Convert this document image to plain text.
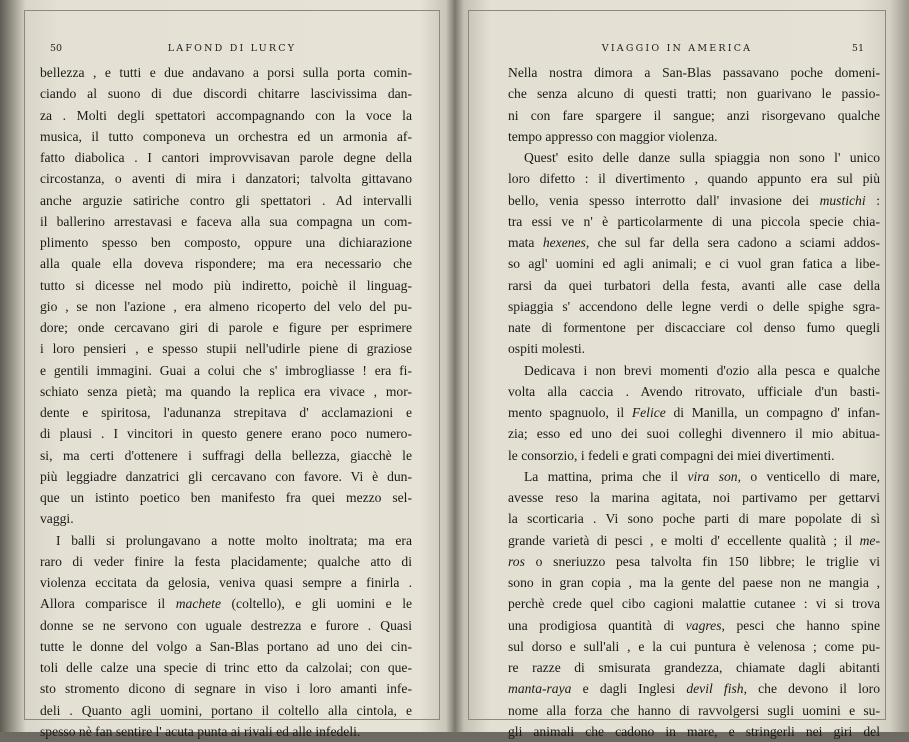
50	LAFOND DI LURCY
bellezza , e tutti e due andavano a porsi sulla porta comin-
ciando al suono di due discordi chitarre lascivissima dan-
za . Molti degli spettatori accompagnando con la voce la
musica, il tutto componeva un orchestra ed un armonia af-
fatto diabolica . I cantori improvvisavan parole degne della
circostanza, o aventi di mira i danzatori; talvolta gittavano
anche arguzie satiriche contro gli spettatori . Ad intervalli
il ballerino arrestavasi e faceva alla sua compagna un com-
plimento spesso ben composto, oppure una dichiarazione
alla quale ella doveva rispondere; ma era necessario che
tutto si dicesse nel modo più indiretto, poichè il linguag-
gio , se non l'azione , era almeno ricoperto del velo del pu-
dore; onde cercavano giri di parole e figure per esprimere
i loro pensieri , e spesso stupii nell'udirle piene di graziose
e gentili immagini. Guai a colui che s' imbrogliasse ! era fi-
schiato senza pietà; ma quando la replica era vivace , mor-
dente e spiritosa, l'adunanza strepitava d' acclamazioni e
di plausi . I vincitori in questo genere erano poco numero-
si, ma certi d'ottenere i suffragi della bellezza, giacchè le
più leggiadre danzatrici gli cercavano con favore. Vi è dun-
que un istinto poetico ben manifesto fra quei mezzo sel-
vaggi.
I balli si prolungavano a notte molto inoltrata; ma era
raro di veder finire la festa placidamente; qualche atto di
violenza eccitata da gelosia, veniva quasi sempre a finirla .
Allora comparisce il machete (coltello), e gli uomini e le
donne se ne servono con uguale destrezza e furore . Quasi
tutte le donne del volgo a San-Blas portano ad uno dei cin-
toli delle calze una specie di trinc etto da calzolai; con que-
sto stromento dicono di segnare in viso i loro amanti infe-
deli . Quanto agli uomini, portano il coltello alla cintola, e
spesso nè fan sentire l' acuta punta ai rivali ed alle infedeli.
VIAGGIO IN AMERICA	51
Nella nostra dimora a San-Blas passavano poche domeni-
che senza alcuno di questi tratti; non guarivano le passio-
ni con fare spargere il sangue; anzi risorgevano qualche
tempo appresso con maggior violenza.
Quest' esito delle danze sulla spiaggia non sono l' unico
loro difetto : il divertimento , quando appunto era sul più
bello, venia spesso interrotto dall' invasione dei mustichi :
tra essi ve n' è particolarmente di una piccola specie chia-
mata hexenes, che sul far della sera cadono a sciami addos-
so agl' uomini ed agli animali; e ci vuol gran fatica a libe-
rarsi da quei turbatori della festa, avanti alle case della
spiaggia s' accendono delle legne verdi o delle spighe sgra-
nate di formentone per discacciare col denso fumo quegli
ospiti molesti.
Dedicava i non brevi momenti d'ozio alla pesca e qualche
volta alla caccia . Avendo ritrovato, ufficiale d'un basti-
mento spagnuolo, il Felice di Manilla, un compagno d' infan-
zia; esso ed uno dei suoi colleghi divennero il mio abitua-
le consorzio, i fedeli e grati compagni dei miei divertimenti.
La mattina, prima che il vira son, o venticello di mare,
avesse reso la marina agitata, noi partivamo per gettarvi
la scorticaria . Vi sono poche parti di mare popolate di sì
grande varietà di pesci , e molti d' eccellente qualità ; il me-
ros o sneriuzzo pesa talvolta fin 150 libbre; le triglie vi
sono in gran copia , ma la gente del paese non ne mangia ,
perchè crede quel cibo cagioni malattie cutanee : vi si trova
una prodigiosa quantità di vagres, pesci che hanno spine
sul dorso e sull'ali , e la cui puntura è velenosa ; come pu-
re razze di smisurata grandezza, chiamate dagli abitanti
manta-raya e dagli Inglesi devil fish, che devono il loro
nome alla forza che hanno di ravvolgersi sugli uomini e su-
gli animali che cadono in mare, e stringerli nei giri del
